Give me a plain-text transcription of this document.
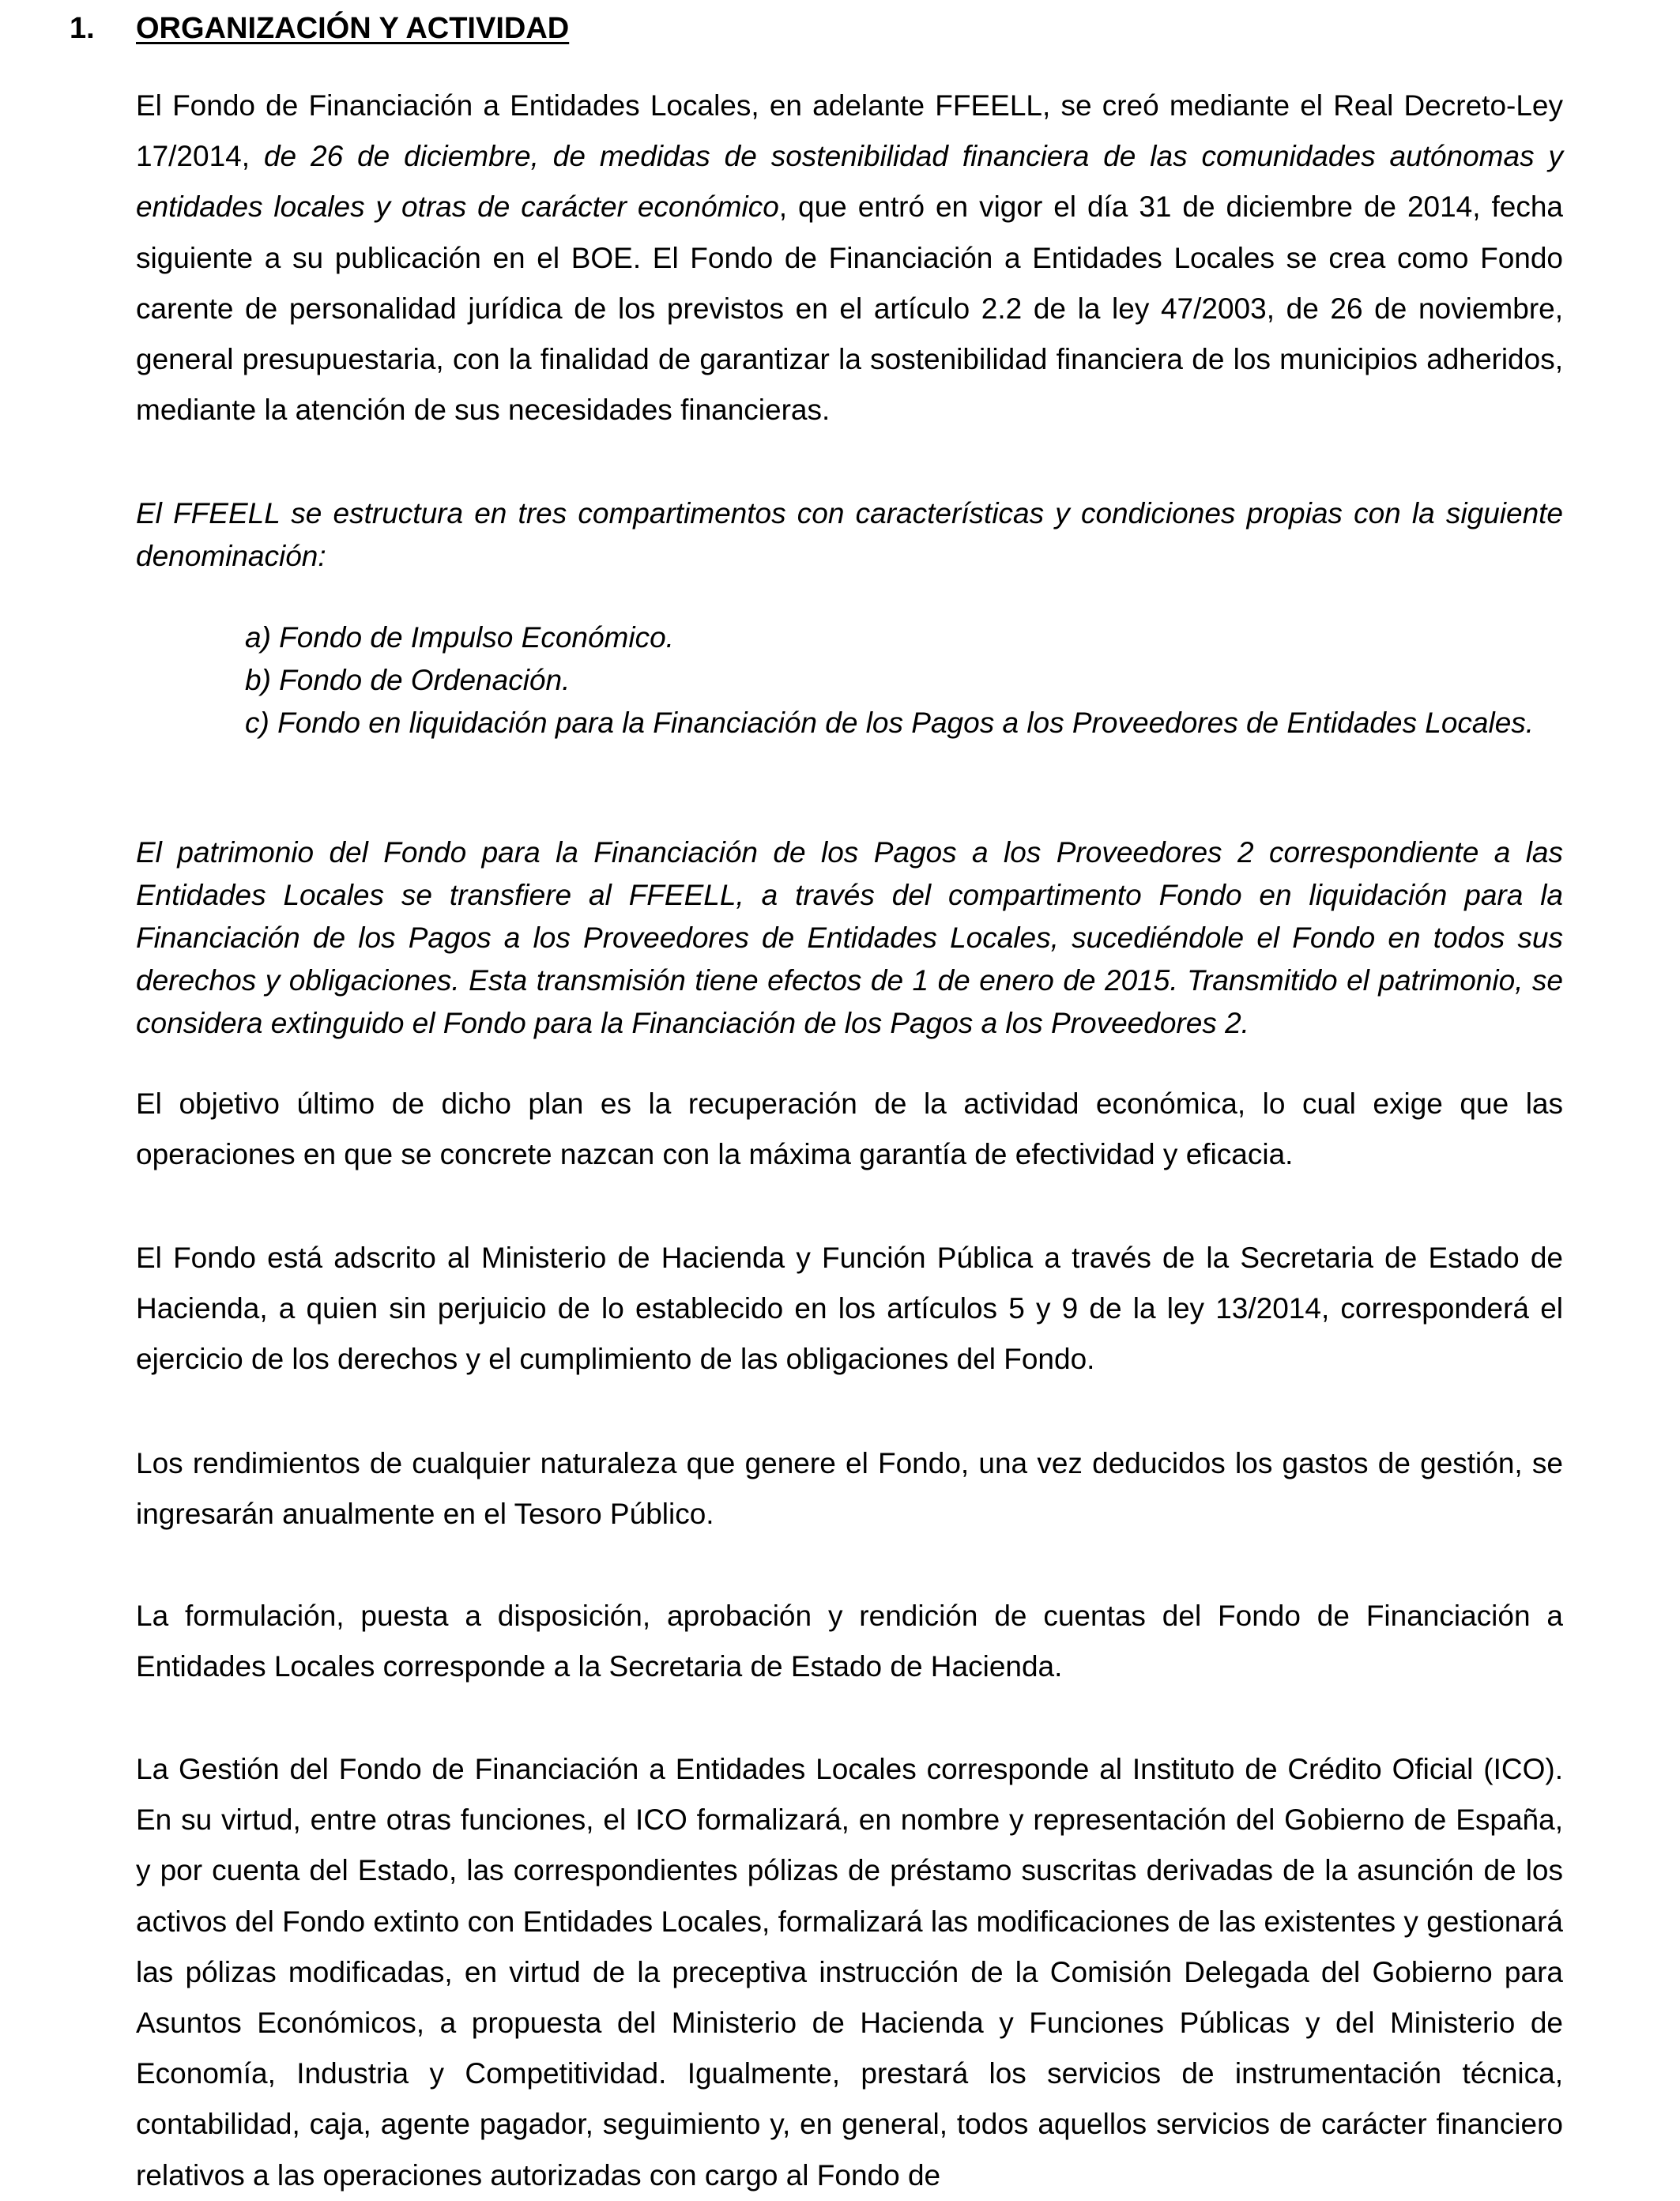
1. ORGANIZACIÓN Y ACTIVIDAD

El Fondo de Financiación a Entidades Locales, en adelante FFEELL, se creó mediante el Real Decreto-Ley 17/2014, de 26 de diciembre, de medidas de sostenibilidad financiera de las comunidades autónomas y entidades locales y otras de carácter económico, que entró en vigor el día 31 de diciembre de 2014, fecha siguiente a su publicación en el BOE. El Fondo de Financiación a Entidades Locales se crea como Fondo carente de personalidad jurídica de los previstos en el artículo 2.2 de la ley 47/2003, de 26 de noviembre, general presupuestaria, con la finalidad de garantizar la sostenibilidad financiera de los municipios adheridos, mediante la atención de sus necesidades financieras.

El FFEELL se estructura en tres compartimentos con características y condiciones propias con la siguiente denominación:

a) Fondo de Impulso Económico.

b) Fondo de Ordenación.

c) Fondo en liquidación para la Financiación de los Pagos a los Proveedores de Entidades Locales.

El patrimonio del Fondo para la Financiación de los Pagos a los Proveedores 2 correspondiente a las Entidades Locales se transfiere al FFEELL, a través del compartimento Fondo en liquidación para la Financiación de los Pagos a los Proveedores de Entidades Locales, sucediéndole el Fondo en todos sus derechos y obligaciones. Esta transmisión tiene efectos de 1 de enero de 2015. Transmitido el patrimonio, se considera extinguido el Fondo para la Financiación de los Pagos a los Proveedores 2.

El objetivo último de dicho plan es la recuperación de la actividad económica, lo cual exige que las operaciones en que se concrete nazcan con la máxima garantía de efectividad y eficacia.

El Fondo está adscrito al Ministerio de Hacienda y Función Pública a través de la Secretaria de Estado de Hacienda, a quien sin perjuicio de lo establecido en los artículos 5 y 9 de la ley 13/2014, corresponderá el ejercicio de los derechos y el cumplimiento de las obligaciones del Fondo.

Los rendimientos de cualquier naturaleza que genere el Fondo, una vez deducidos los gastos de gestión, se ingresarán anualmente en el Tesoro Público.

La formulación, puesta a disposición, aprobación y rendición de cuentas del Fondo de Financiación a Entidades Locales corresponde a la Secretaria de Estado de Hacienda.

La Gestión del Fondo de Financiación a Entidades Locales corresponde al Instituto de Crédito Oficial (ICO). En su virtud, entre otras funciones, el ICO formalizará, en nombre y representación del Gobierno de España, y por cuenta del Estado, las correspondientes pólizas de préstamo suscritas derivadas de la asunción de los activos del Fondo extinto con Entidades Locales, formalizará las modificaciones de las existentes y gestionará las pólizas modificadas, en virtud de la preceptiva instrucción de la Comisión Delegada del Gobierno para Asuntos Económicos, a propuesta del Ministerio de Hacienda y Funciones Públicas y del Ministerio de Economía, Industria y Competitividad. Igualmente, prestará los servicios de instrumentación técnica, contabilidad, caja, agente pagador, seguimiento y, en general, todos aquellos servicios de carácter financiero relativos a las operaciones autorizadas con cargo al Fondo de
